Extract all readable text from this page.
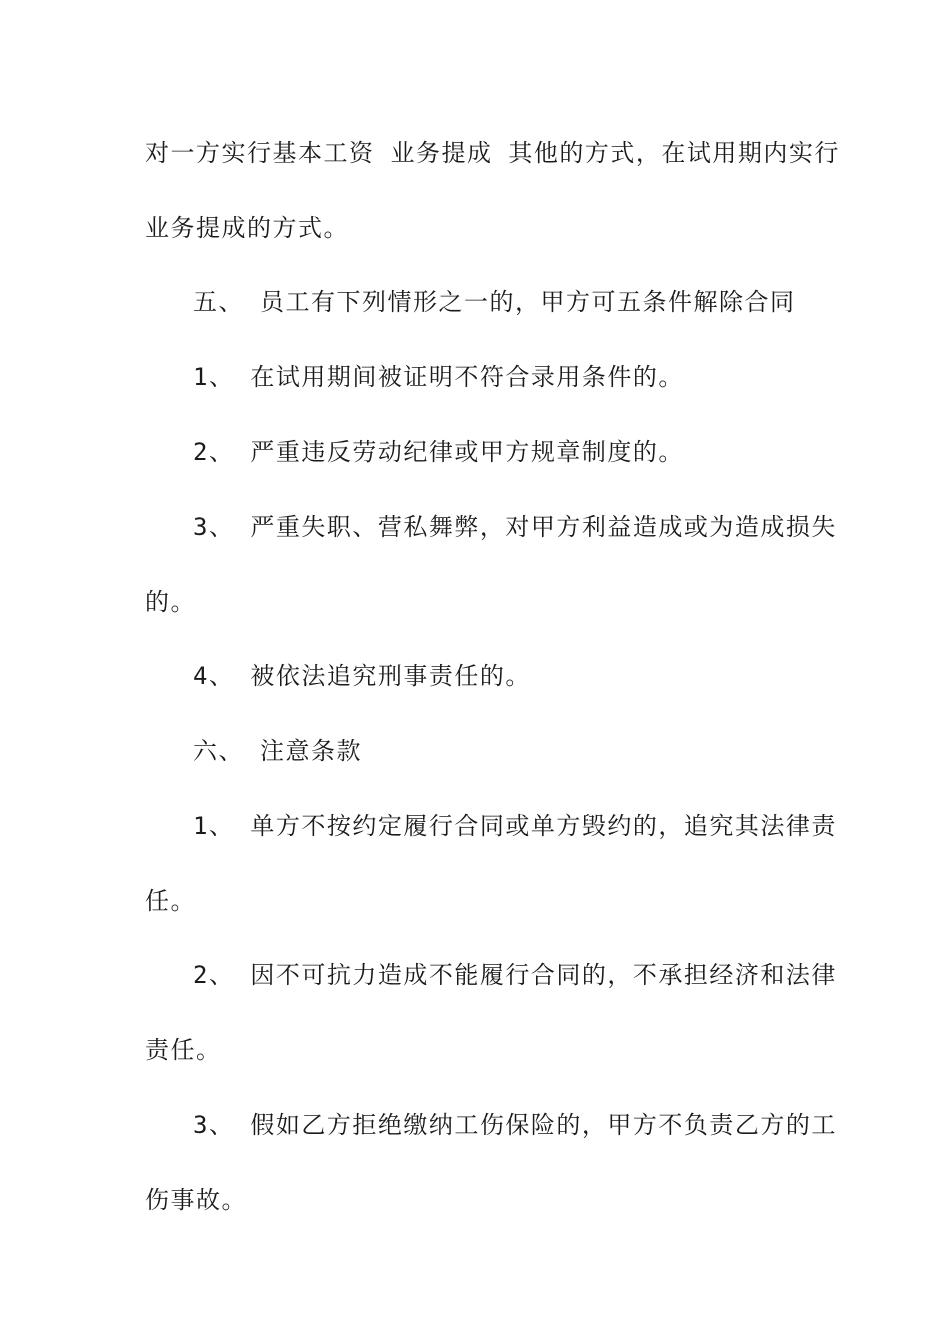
对一方实行基本工资 业务提成 其他的方式，在试用期内实行
业务提成的方式。
五、 员工有下列情形之一的，甲方可五条件解除合同
1、 在试用期间被证明不符合录用条件的。
2、 严重违反劳动纪律或甲方规章制度的。
3、 严重失职、营私舞弊，对甲方利益造成或为造成损失
的。
4、 被依法追究刑事责任的。
六、 注意条款
1、 单方不按约定履行合同或单方毁约的，追究其法律责
任。
2、 因不可抗力造成不能履行合同的，不承担经济和法律
责任。
3、 假如乙方拒绝缴纳工伤保险的，甲方不负责乙方的工
伤事故。
